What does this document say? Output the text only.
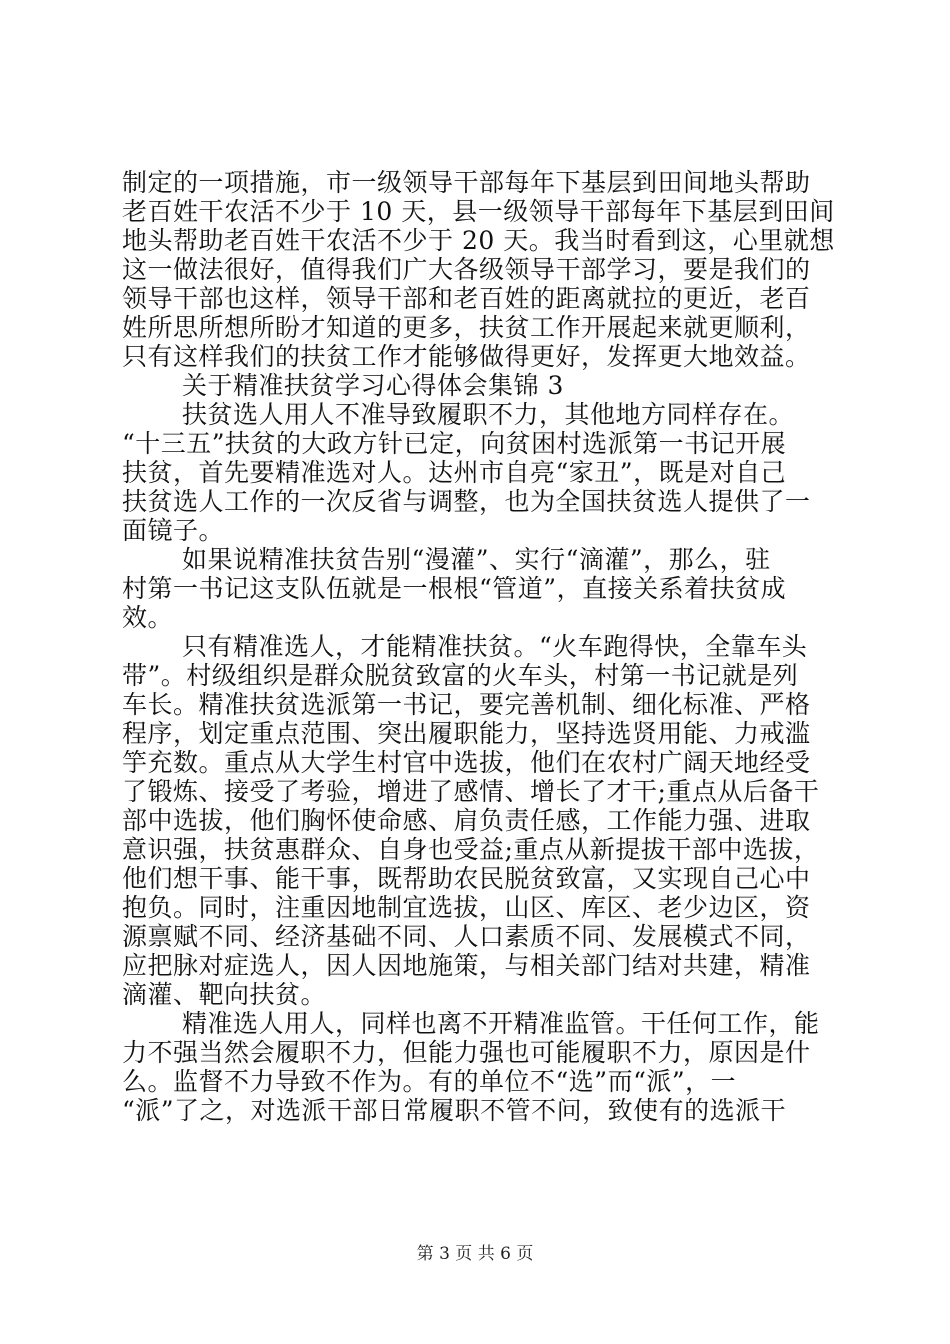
制定的一项措施，市一级领导干部每年下基层到田间地头帮助

老百姓干农活不少于 10 天，县一级领导干部每年下基层到田间

地头帮助老百姓干农活不少于 20 天。我当时看到这，心里就想

这一做法很好，值得我们广大各级领导干部学习，要是我们的

领导干部也这样，领导干部和老百姓的距离就拉的更近，老百

姓所思所想所盼才知道的更多，扶贫工作开展起来就更顺利，

只有这样我们的扶贫工作才能够做得更好，发挥更大地效益。

关于精准扶贫学习心得体会集锦 3

扶贫选人用人不准导致履职不力，其他地方同样存在。

“十三五”扶贫的大政方针已定，向贫困村选派第一书记开展

扶贫，首先要精准选对人。达州市自亮“家丑”，既是对自己

扶贫选人工作的一次反省与调整，也为全国扶贫选人提供了一

面镜子。

如果说精准扶贫告别“漫灌”、实行“滴灌”，那么，驻

村第一书记这支队伍就是一根根“管道”，直接关系着扶贫成

效。

只有精准选人，才能精准扶贫。“火车跑得快，全靠车头

带”。村级组织是群众脱贫致富的火车头，村第一书记就是列

车长。精准扶贫选派第一书记，要完善机制、细化标准、严格

程序，划定重点范围、突出履职能力，坚持选贤用能、力戒滥

竽充数。重点从大学生村官中选拔，他们在农村广阔天地经受

了锻炼、接受了考验，增进了感情、增长了才干;重点从后备干

部中选拔，他们胸怀使命感、肩负责任感，工作能力强、进取

意识强，扶贫惠群众、自身也受益;重点从新提拔干部中选拔，

他们想干事、能干事，既帮助农民脱贫致富，又实现自己心中

抱负。同时，注重因地制宜选拔，山区、库区、老少边区，资

源禀赋不同、经济基础不同、人口素质不同、发展模式不同，

应把脉对症选人，因人因地施策，与相关部门结对共建，精准

滴灌、靶向扶贫。

精准选人用人，同样也离不开精准监管。干任何工作，能

力不强当然会履职不力，但能力强也可能履职不力，原因是什

么。监督不力导致不作为。有的单位不“选”而“派”，一

“派”了之，对选派干部日常履职不管不问，致使有的选派干

第 3 页 共 6 页
